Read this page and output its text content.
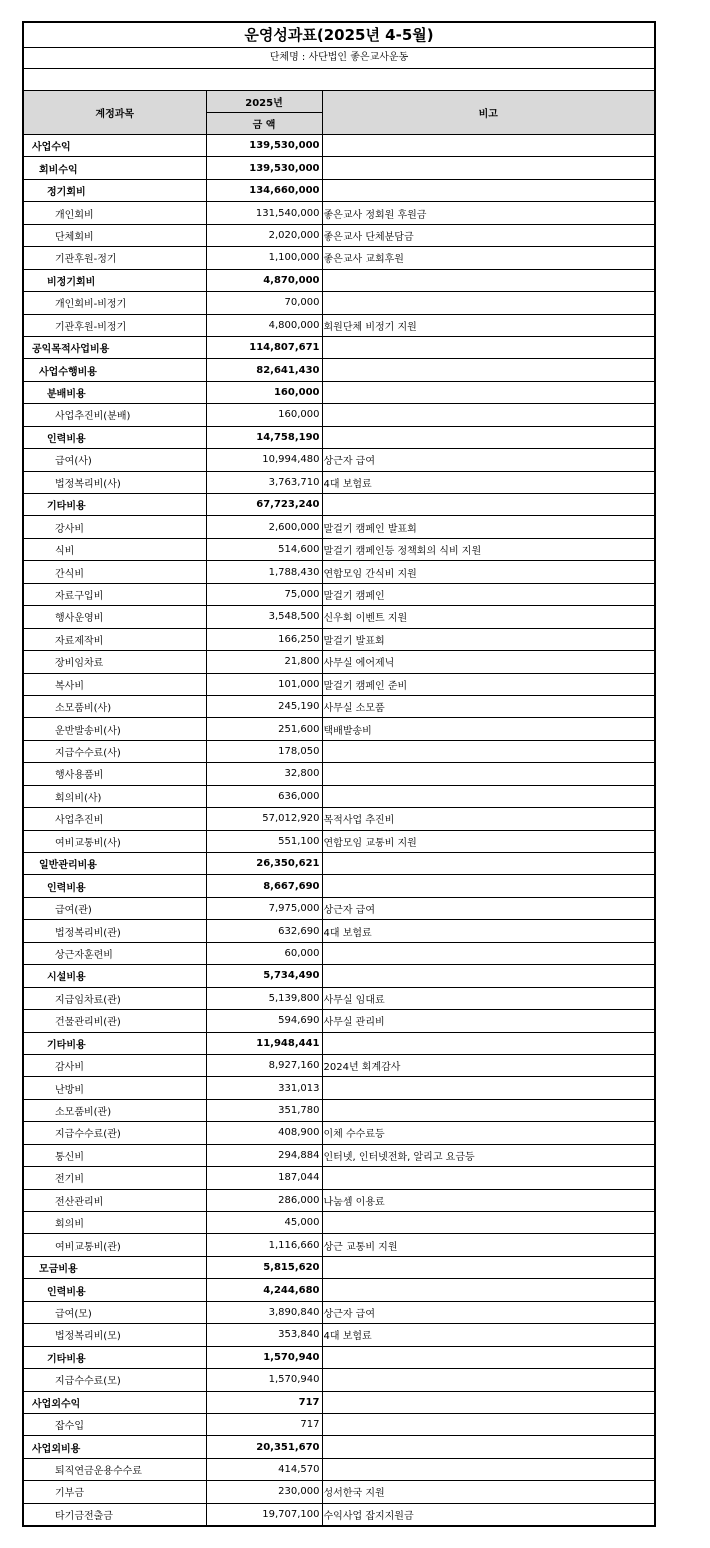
운영성과표(2025년 4-5월)
단체명 : 사단법인 좋은교사운동
계정과목	2025년	비고
	금 액	
사업수익	139,530,000	
회비수익	139,530,000	
정기회비	134,660,000	
개인회비	131,540,000	좋은교사 정회원 후원금
단체회비	2,020,000	좋은교사 단체분담금
기관후원-정기	1,100,000	좋은교사 교회후원
비정기회비	4,870,000	
개인회비-비정기	70,000	
기관후원-비정기	4,800,000	회원단체 비정기 지원
공익목적사업비용	114,807,671	
사업수행비용	82,641,430	
분배비용	160,000	
사업추진비(분배)	160,000	
인력비용	14,758,190	
급여(사)	10,994,480	상근자 급여
법정복리비(사)	3,763,710	4대 보험료
기타비용	67,723,240	
강사비	2,600,000	말걸기 캠페인 발표회
식비	514,600	말걸기 캠페인등 정책회의 식비 지원
간식비	1,788,430	연합모임 간식비 지원
자료구입비	75,000	말걸기 캠페인
행사운영비	3,548,500	신우회 이벤트 지원
자료제작비	166,250	말걸기 발표회
장비임차료	21,800	사무실 에어제닉
복사비	101,000	말걸기 캠페인 준비
소모품비(사)	245,190	사무실 소모품
운반발송비(사)	251,600	택배발송비
지급수수료(사)	178,050	
행사용품비	32,800	
회의비(사)	636,000	
사업추진비	57,012,920	목적사업 추진비
여비교통비(사)	551,100	연합모임 교통비 지원
일반관리비용	26,350,621	
인력비용	8,667,690	
급여(관)	7,975,000	상근자 급여
법정복리비(관)	632,690	4대 보험료
상근자훈련비	60,000	
시설비용	5,734,490	
지급임차료(관)	5,139,800	사무실 임대료
건물관리비(관)	594,690	사무실 관리비
기타비용	11,948,441	
감사비	8,927,160	2024년 회계감사
난방비	331,013	
소모품비(관)	351,780	
지급수수료(관)	408,900	이체 수수료등
통신비	294,884	인터넷, 인터넷전화, 알리고 요금등
전기비	187,044	
전산관리비	286,000	나눔셈 이용료
회의비	45,000	
여비교통비(관)	1,116,660	상근 교통비 지원
모금비용	5,815,620	
인력비용	4,244,680	
급여(모)	3,890,840	상근자 급여
법정복리비(모)	353,840	4대 보험료
기타비용	1,570,940	
지급수수료(모)	1,570,940	
사업외수익	717	
잡수입	717	
사업외비용	20,351,670	
퇴직연금운용수수료	414,570	
기부금	230,000	성서한국 지원
타기금전출금	19,707,100	수익사업 잡지지원금
